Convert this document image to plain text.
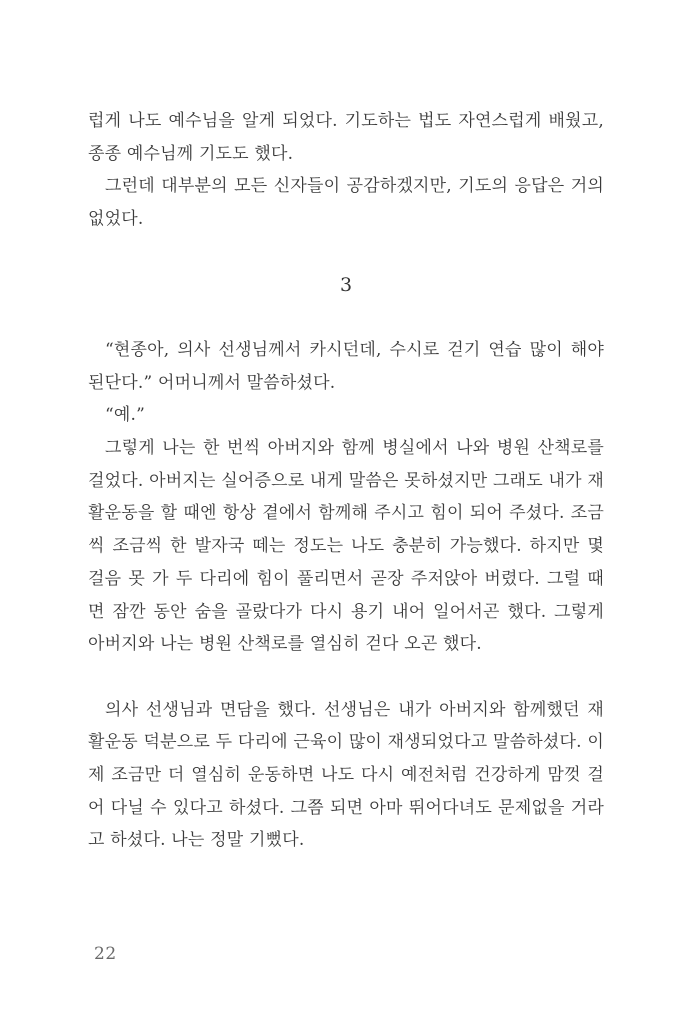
럽게 나도 예수님을 알게 되었다. 기도하는 법도 자연스럽게 배웠고, 종종 예수님께 기도도 했다.

그런데 대부분의 모든 신자들이 공감하겠지만, 기도의 응답은 거의 없었다.

3

“현종아, 의사 선생님께서 카시던데, 수시로 걷기 연습 많이 해야 된단다.” 어머니께서 말씀하셨다.

“예.”

그렇게 나는 한 번씩 아버지와 함께 병실에서 나와 병원 산책로를 걸었다. 아버지는 실어증으로 내게 말씀은 못하셨지만 그래도 내가 재활운동을 할 때엔 항상 곁에서 함께해 주시고 힘이 되어 주셨다. 조금씩 조금씩 한 발자국 떼는 정도는 나도 충분히 가능했다. 하지만 몇 걸음 못 가 두 다리에 힘이 풀리면서 곧장 주저앉아 버렸다. 그럴 때면 잠깐 동안 숨을 골랐다가 다시 용기 내어 일어서곤 했다. 그렇게 아버지와 나는 병원 산책로를 열심히 걷다 오곤 했다.

의사 선생님과 면담을 했다. 선생님은 내가 아버지와 함께했던 재활운동 덕분으로 두 다리에 근육이 많이 재생되었다고 말씀하셨다. 이제 조금만 더 열심히 운동하면 나도 다시 예전처럼 건강하게 맘껏 걸어 다닐 수 있다고 하셨다. 그쯤 되면 아마 뛰어다녀도 문제없을 거라고 하셨다. 나는 정말 기뻤다.

22
